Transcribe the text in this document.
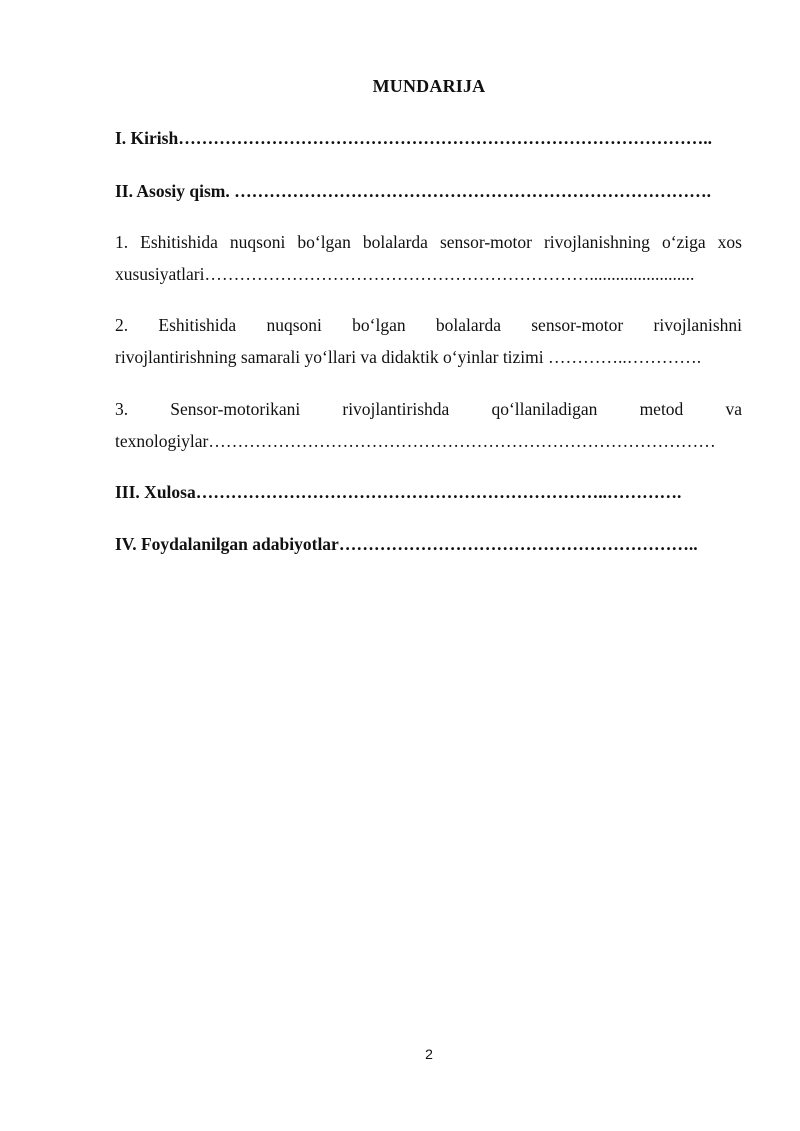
MUNDARIJA
I. Kirish………………………………………………………………………………..
II. Asosiy qism. ……………………………………………………………………….
1. Eshitishida nuqsoni bo‘lgan bolalarda sensor-motor rivojlanishning o‘ziga xos
xususiyatlari…………………………………………………………........................
2. Eshitishida nuqsoni bo‘lgan bolalarda sensor-motor rivojlanishni
rivojlantirishning samarali yo‘llari va didaktik o‘yinlar tizimi …………..………….
3. Sensor-motorikani rivojlantirishda qo‘llaniladigan metod va
texnologiylar……………………………………………………………………………
III. Xulosa……………………………………………………………..………….
IV. Foydalanilgan adabiyotlar……………………………………………………..
2
